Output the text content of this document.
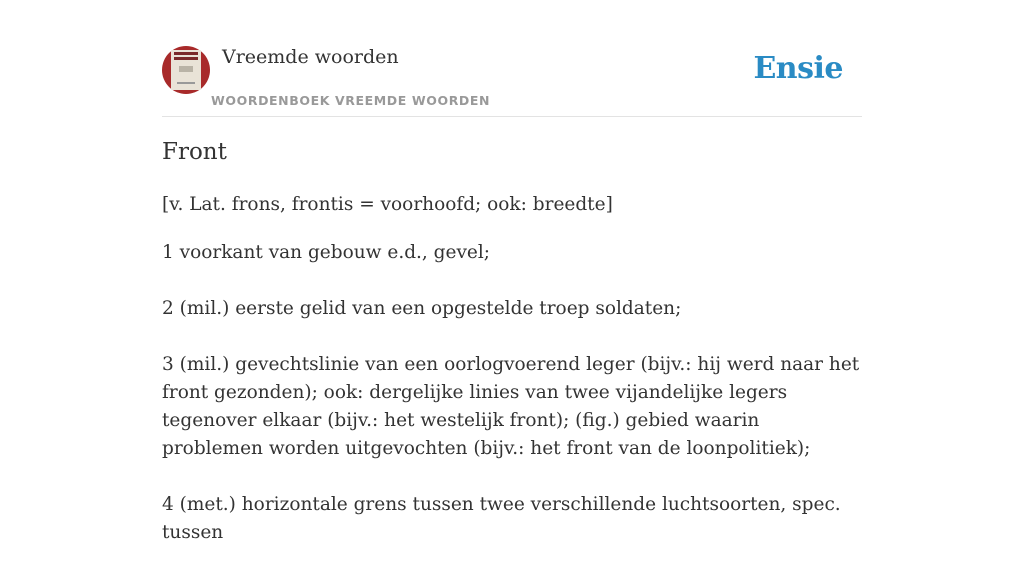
Vreemde woorden
WOORDENBOEK VREEMDE WOORDEN
Ensie
Front

[v. Lat. frons, frontis = voorhoofd; ook: breedte]

1 voorkant van gebouw e.d., gevel;
2 (mil.) eerste gelid van een opgestelde troep soldaten;
3 (mil.) gevechtslinie van een oorlogvoerend leger (bijv.: hij werd naar het front gezonden); ook: dergelijke linies van twee vijandelijke legers tegenover elkaar (bijv.: het westelijk front); (fig.) gebied waarin problemen worden uitgevochten (bijv.: het front van de loonpolitiek);
4 (met.) horizontale grens tussen twee verschillende luchtsoorten, spec. tussen
